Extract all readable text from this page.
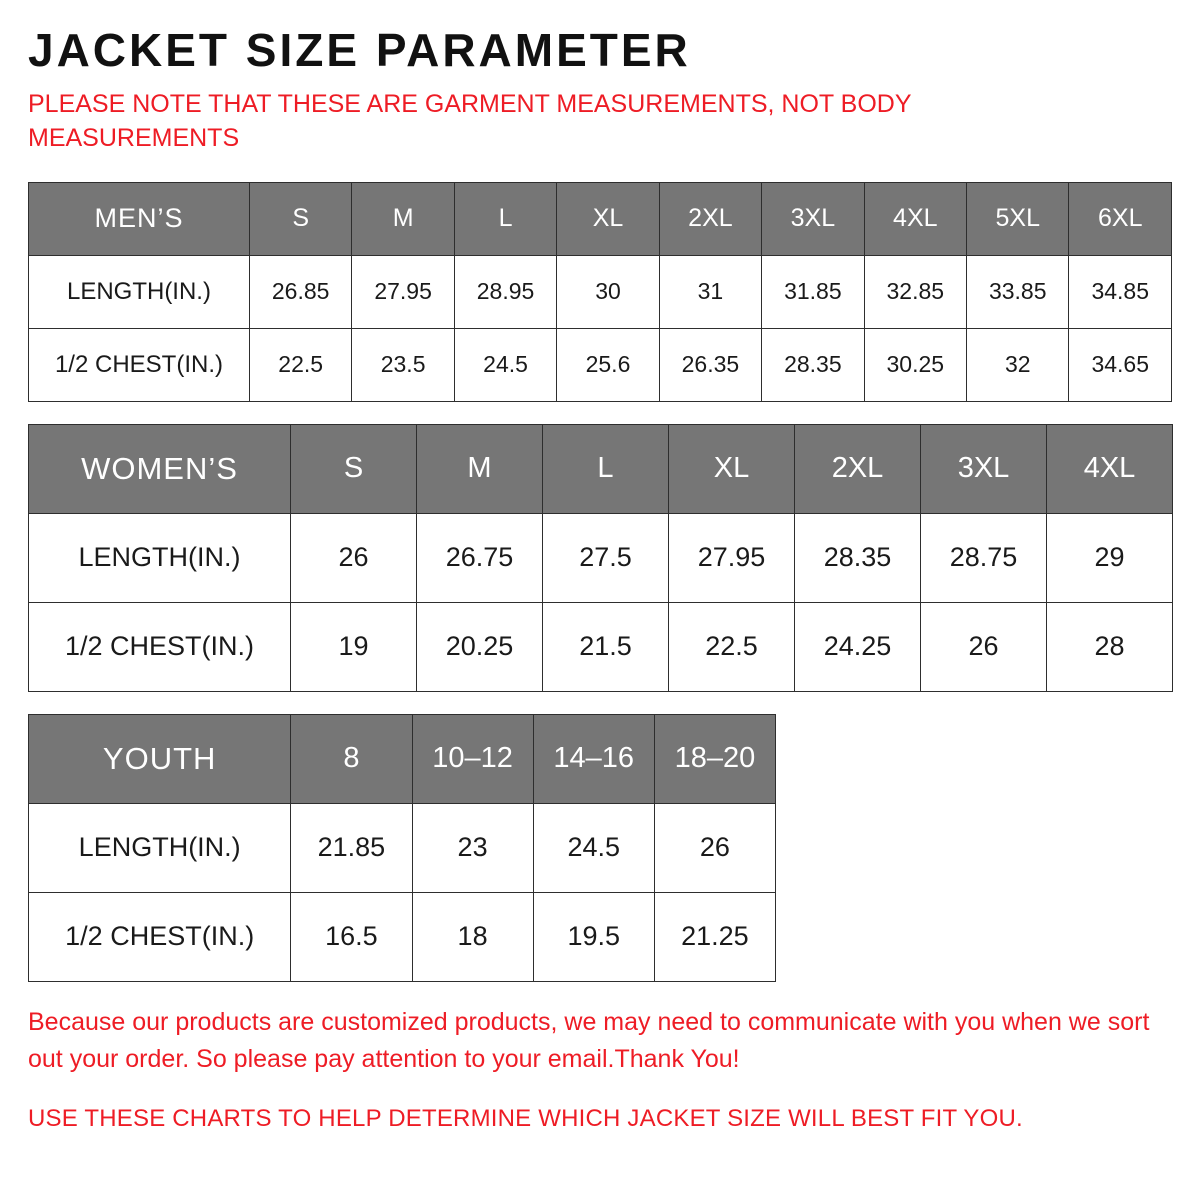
JACKET SIZE PARAMETER

PLEASE NOTE THAT THESE ARE GARMENT MEASUREMENTS, NOT BODY MEASUREMENTS

MEN’S	S	M	L	XL	2XL	3XL	4XL	5XL	6XL
LENGTH(IN.)	26.85	27.95	28.95	30	31	31.85	32.85	33.85	34.85
1/2 CHEST(IN.)	22.5	23.5	24.5	25.6	26.35	28.35	30.25	32	34.65
WOMEN’S	S	M	L	XL	2XL	3XL	4XL
LENGTH(IN.)	26	26.75	27.5	27.95	28.35	28.75	29
1/2 CHEST(IN.)	19	20.25	21.5	22.5	24.25	26	28
YOUTH	8	10–12	14–16	18–20
LENGTH(IN.)	21.85	23	24.5	26
1/2 CHEST(IN.)	16.5	18	19.5	21.25

Because our products are customized products, we may need to communicate with you when we sort out your order. So please pay attention to your email.Thank You!

USE THESE CHARTS TO HELP DETERMINE WHICH JACKET SIZE WILL BEST FIT YOU.
